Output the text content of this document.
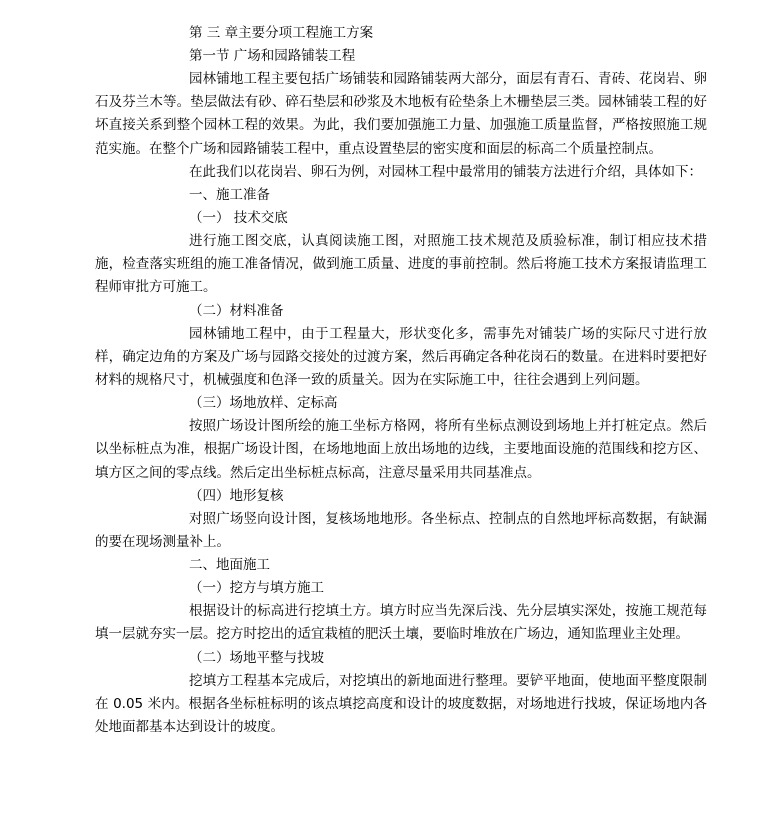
第 三 章主要分项工程施工方案

第一节 广场和园路铺装工程

园林铺地工程主要包括广场铺装和园路铺装两大部分，面层有青石、青砖、花岗岩、卵石及芬兰木等。垫层做法有砂、碎石垫层和砂浆及木地板有砼垫条上木栅垫层三类。园林铺装工程的好坏直接关系到整个园林工程的效果。为此，我们要加强施工力量、加强施工质量监督，严格按照施工规范实施。在整个广场和园路铺装工程中，重点设置垫层的密实度和面层的标高二个质量控制点。

在此我们以花岗岩、卵石为例，对园林工程中最常用的铺装方法进行介绍，具体如下：

一、施工准备

（一） 技术交底

进行施工图交底，认真阅读施工图，对照施工技术规范及质验标准，制订相应技术措施，检查落实班组的施工准备情况，做到施工质量、进度的事前控制。然后将施工技术方案报请监理工程师审批方可施工。

（二）材料准备

园林铺地工程中，由于工程量大，形状变化多，需事先对铺装广场的实际尺寸进行放样，确定边角的方案及广场与园路交接处的过渡方案，然后再确定各种花岗石的数量。在进料时要把好材料的规格尺寸，机械强度和色泽一致的质量关。因为在实际施工中，往往会遇到上列问题。

（三）场地放样、定标高

按照广场设计图所绘的施工坐标方格网，将所有坐标点测设到场地上并打桩定点。然后以坐标桩点为准，根据广场设计图，在场地地面上放出场地的边线，主要地面设施的范围线和挖方区、填方区之间的零点线。然后定出坐标桩点标高，注意尽量采用共同基准点。

（四）地形复核

对照广场竖向设计图，复核场地地形。各坐标点、控制点的自然地坪标高数据，有缺漏的要在现场测量补上。

二、地面施工

（一）挖方与填方施工

根据设计的标高进行挖填土方。填方时应当先深后浅、先分层填实深处，按施工规范每填一层就夯实一层。挖方时挖出的适宜栽植的肥沃土壤，要临时堆放在广场边，通知监理业主处理。

（二）场地平整与找坡

挖填方工程基本完成后，对挖填出的新地面进行整理。要铲平地面，使地面平整度限制在 0.05 米内。根据各坐标桩标明的该点填挖高度和设计的坡度数据，对场地进行找坡，保证场地内各处地面都基本达到设计的坡度。
